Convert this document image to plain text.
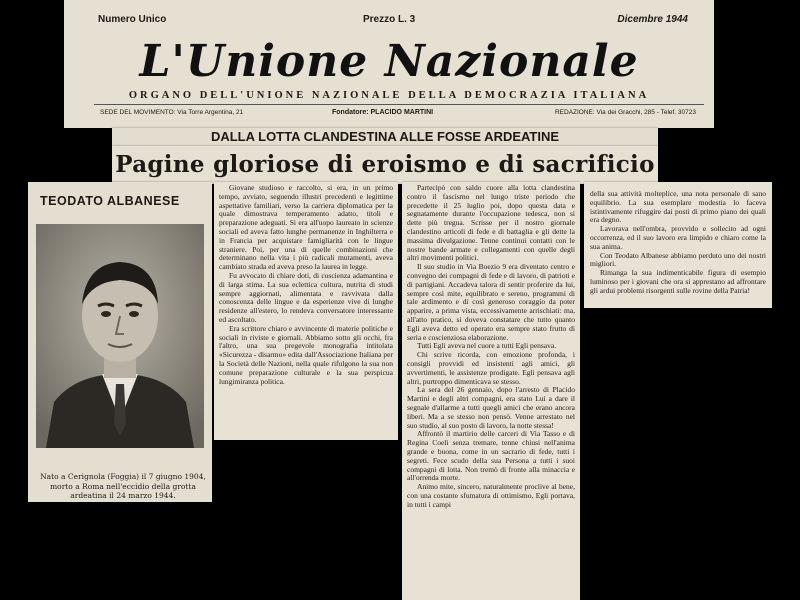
Numero Unico	Prezzo L. 3	Dicembre 1944
L'Unione Nazionale
ORGANO DELL'UNIONE NAZIONALE DELLA DEMOCRAZIA ITALIANA
SEDE DEL MOVIMENTO: Via Torre Argentina, 21	Fondatore: PLACIDO MARTINI	REDAZIONE: Via dei Gracchi, 285 - Telef. 30723
DALLA LOTTA CLANDESTINA ALLE FOSSE ARDEATINE
Pagine gloriose di eroismo e di sacrificio
TEODATO ALBANESE
Nato a Cerignola (Foggia) il 7 giugno 1904, morto a Roma nell'eccidio della grotta ardeatina il 24 marzo 1944.

Giovane studioso e raccolto, si era, in un primo tempo, avviato, seguendo illustri precedenti e legittime aspettative familiari, verso la carriera diplomatica per la quale dimostrava temperamento adatto, titoli e preparazione adeguati. Si era all'uopo laureato in scienze sociali ed aveva fatto lunghe permanenze in Inghilterra e in Francia per acquistare famigliarità con le lingue straniere. Poi, per una di quelle combinazioni che determinano nella vita i più radicali mutamenti, aveva cambiato strada ed aveva preso la laurea in legge.

Fu avvocato di chiare doti, di coscienza adamantina e di larga stima. La sua eclettica cultura, nutrita di studi sempre aggiornati, alimentata e ravvivata dalla conoscenza delle lingue e da esperienze vive di lunghe residenze all'estero, lo rendeva conversatore interessante ed ascoltato.

Era scrittore chiaro e avvincente di materie politiche e sociali in riviste e giornali. Abbiamo sotto gli occhi, fra l'altro, una sua pregevole monografia intitolata «Sicurezza - disarmo» edita dall'Associazione Italiana per la Società delle Nazioni, nella quale rifulgono la sua non comune preparazione culturale e la sua perspicua lungimiranza politica.

Partecipò con saldo cuore alla lotta clandestina contro il fascismo nel lungo triste periodo che precedette il 25 luglio poi, dopo questa data e segnatamente durante l'occupazione tedesca, non si dette più tregua. Scrisse per il nostro giornale clandestino articoli di fede e di battaglia e gli dette la massima divulgazione. Tenne continui contatti con le nostre bande armate e collegamenti con quelle degli altri movimenti politici.

Il suo studio in Via Boezio 9 era diventato centro e convegno dei compagni di fede e di lavoro, di patrioti e di partigiani. Accadeva talora di sentir proferire da lui, sempre così mite, equilibrato e sereno, programmi di tale ardimento e di così generoso coraggio da poter apparire, a prima vista, eccessivamente arrischiati: ma, all'atto pratico, si doveva constatare che tutto quanto Egli aveva detto ed operato era sempre stato frutto di seria e coscienziosa elaborazione.

Tutti Egli aveva nel cuore a tutti Egli pensava.

Chi scrive ricorda, con emozione profonda, i consigli provvidi ed insistenti agli amici, gli avvertimenti, le assistenze prodigate. Egli pensava agli altri, purtroppo dimenticava se stesso.

La sera del 26 gennaio, dopo l'arresto di Placido Martini e degli altri compagni, era stato Lui a dare il segnale d'allarme a tutti quegli amici che erano ancora liberi. Ma a se stesso non pensò. Venne arrestato nel suo studio, al suo posto di lavoro, la notte stessa!

Affrontò il martirio delle carceri di Via Tasso e di Regina Coeli senza tremare, tenne chiusi nell'anima grande e buona, come in un sacrario di fede, tutti i segreti. Fece scudo della sua Persona a tutti i suoi compagni di lotta. Non tremò di fronte alla minaccia e all'orrenda morte.

Animo mite, sincero, naturalmente proclive al bene, con una costante sfumatura di ottimismo, Egli portava, in tutti i campi

della sua attività molteplice, una nota personale di sano equilibrio. La sua esemplare modestia lo faceva istintivamente rifuggire dai posti di primo piano dei quali era degno.

Lavorava nell'ombra, provvido e sollecito ad ogni occorrenza, ed il suo lavoro era limpido e chiaro come la sua anima.

Con Teodato Albanese abbiamo perduto uno dei nostri migliori.

Rimanga la sua indimenticabile figura di esempio luminoso per i giovani che ora si apprestano ad affrontare gli ardui problemi risorgenti sulle rovine della Patria!
